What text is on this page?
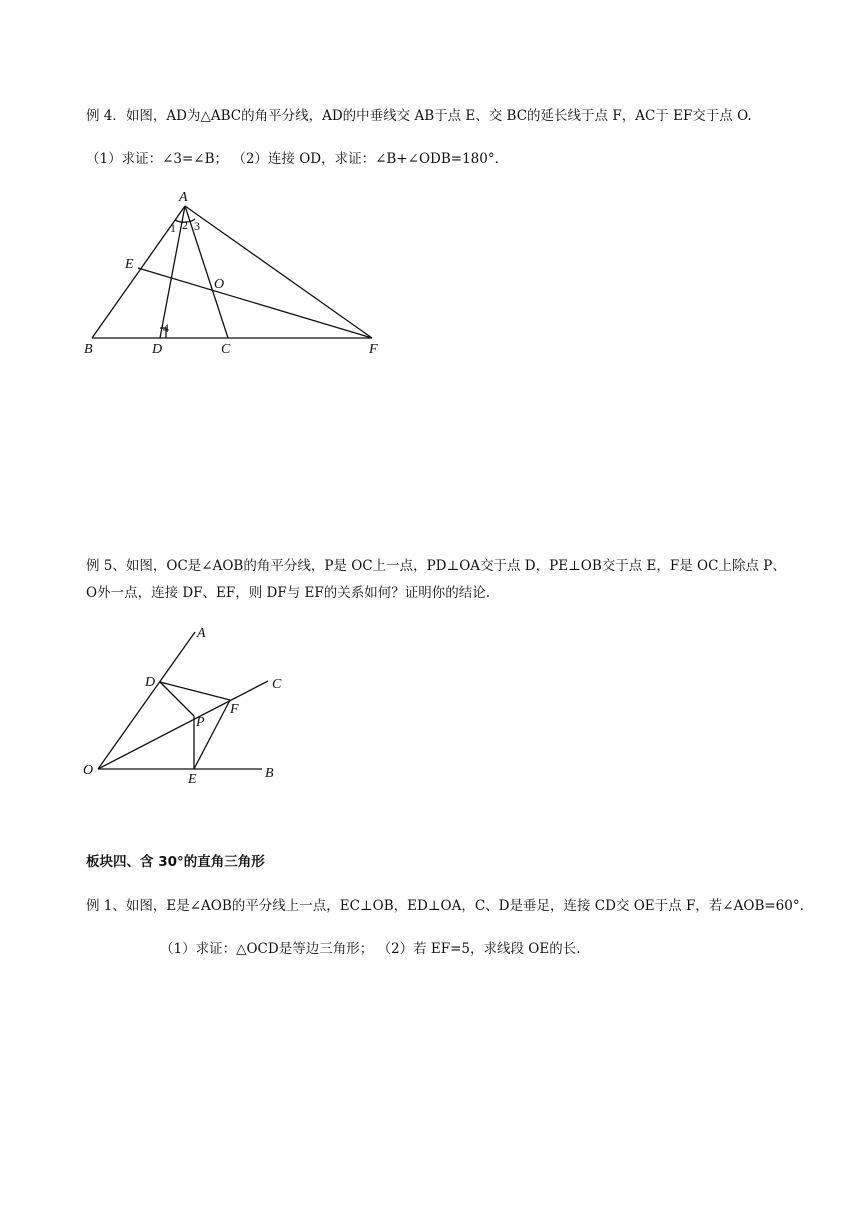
例 4．如图，AD为△ABC的角平分线，AD的中垂线交 AB于点 E、交 BC的延长线于点 F，AC于 EF交于点 O.
（1）求证：∠3=∠B； （2）连接 OD，求证：∠B+∠ODB=180°．
A
B	D	C	F
E
O
1 2 3
4
例 5、如图，OC是∠AOB的角平分线，P是 OC上一点，PD⊥OA交于点 D，PE⊥OB交于点 E，F是 OC上除点 P、
O外一点，连接 DF、EF，则 DF与 EF的关系如何？证明你的结论.
A
C
D
F
P
O
E	B
板块四、含 30°的直角三角形
例 1、如图，E是∠AOB的平分线上一点，EC⊥OB，ED⊥OA，C、D是垂足，连接 CD交 OE于点 F，若∠AOB=60°．
（1）求证：△OCD是等边三角形； （2）若 EF=5，求线段 OE的长.
